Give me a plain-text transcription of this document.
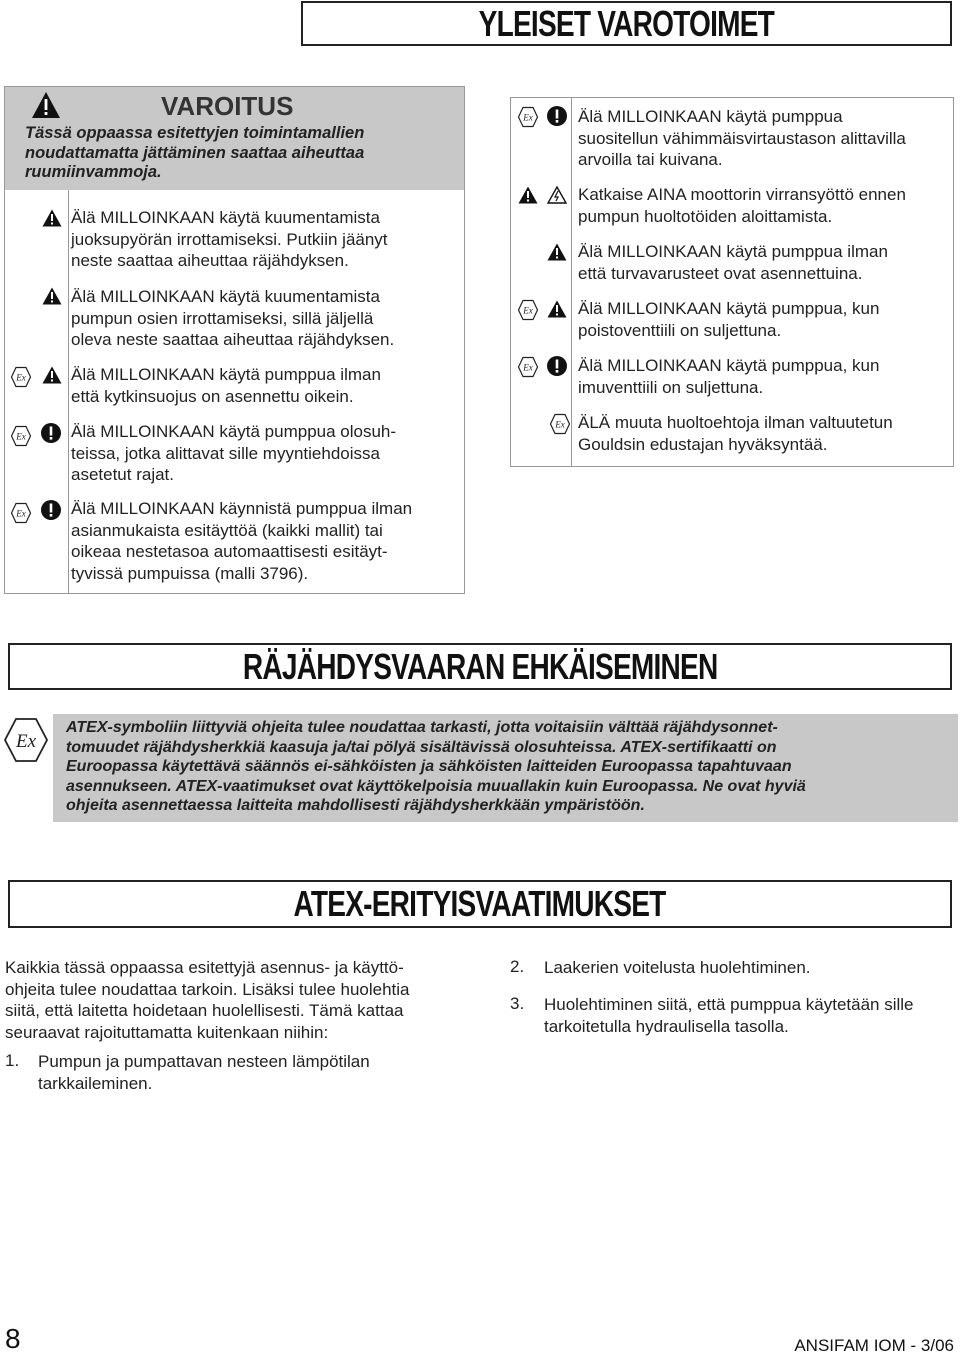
YLEISET VAROTOIMET
VAROITUS
Tässä oppaassa esitettyjen toimintamallien
noudattamatta jättäminen saattaa aiheuttaa
ruumiinvammoja.
Älä MILLOINKAAN käytä kuumentamista
juoksupyörän irrottamiseksi. Putkiin jäänyt
neste saattaa aiheuttaa räjähdyksen.
Älä MILLOINKAAN käytä kuumentamista
pumpun osien irrottamiseksi, sillä jäljellä
oleva neste saattaa aiheuttaa räjähdyksen.
Ex	Älä MILLOINKAAN käytä pumppua ilman
että kytkinsuojus on asennettu oikein.
Ex	Älä MILLOINKAAN käytä pumppua olosuh-
teissa, jotka alittavat sille myyntiehdoissa
asetetut rajat.
Ex	Älä MILLOINKAAN käynnistä pumppua ilman
asianmukaista esitäyttöä (kaikki mallit) tai
oikeaa nestetasoa automaattisesti esitäyt-
tyvissä pumpuissa (malli 3796).
Ex	Älä MILLOINKAAN käytä pumppua
suositellun vähimmäisvirtaustason alittavilla
arvoilla tai kuivana.
Katkaise AINA moottorin virransyöttö ennen
pumpun huoltotöiden aloittamista.
Älä MILLOINKAAN käytä pumppua ilman
että turvavarusteet ovat asennettuina.
Ex	Älä MILLOINKAAN käytä pumppua, kun
poistoventtiili on suljettuna.
Ex	Älä MILLOINKAAN käytä pumppua, kun
imuventtiili on suljettuna.
Ex ÄLÄ muuta huoltoehtoja ilman valtuutetun
Gouldsin edustajan hyväksyntää.
RÄJÄHDYSVAARAN EHKÄISEMINEN
ATEX-symboliin liittyviä ohjeita tulee noudattaa tarkasti, jotta voitaisiin välttää räjähdysonnet-
tomuudet räjähdysherkkiä kaasuja ja/tai pölyä sisältävissä olosuhteissa. ATEX-sertifikaatti on
Euroopassa käytettävä säännös ei-sähköisten ja sähköisten laitteiden Euroopassa tapahtuvaan
asennukseen. ATEX-vaatimukset ovat käyttökelpoisia muuallakin kuin Euroopassa. Ne ovat hyviä
ohjeita asennettaessa laitteita mahdollisesti räjähdysherkkään ympäristöön.
Ex
ATEX-ERITYISVAATIMUKSET
Kaikkia tässä oppaassa esitettyjä asennus- ja käyttö-
ohjeita tulee noudattaa tarkoin. Lisäksi tulee huolehtia
siitä, että laitetta hoidetaan huolellisesti. Tämä kattaa
seuraavat rajoituttamatta kuitenkaan niihin:
1. Pumpun ja pumpattavan nesteen lämpötilan
tarkkaileminen.
2. Laakerien voitelusta huolehtiminen.
3. Huolehtiminen siitä, että pumppua käytetään sille
tarkoitetulla hydraulisella tasolla.
8	ANSIFAM IOM - 3/06
